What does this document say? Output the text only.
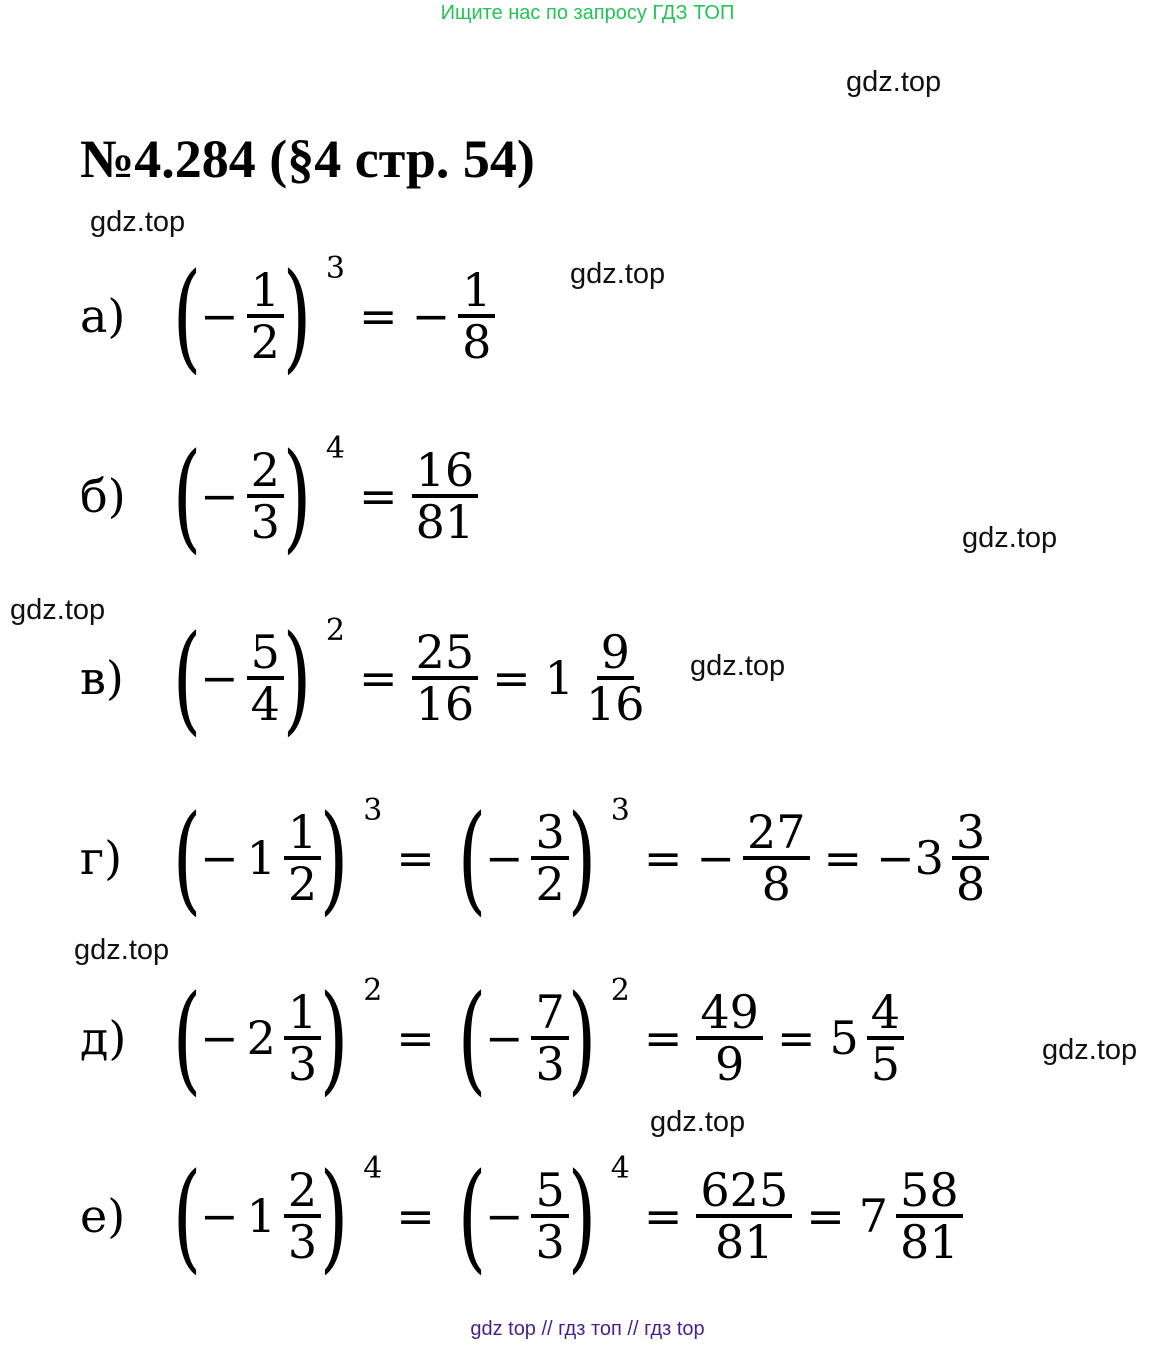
Ищите нас по запросу ГДЗ ТОП
gdz.top
gdz.top
gdz.top
gdz.top
gdz.top
gdz.top
gdz.top
gdz.top
gdz.top
№4.284 (§4 стр. 54)
а) (
− $\frac{1}{2}$
) 3
= − $\frac{1}{8}$
б) (
− $\frac{2}{3}$
) 4
= $\frac{16}{81}$
в) (
− $\frac{5}{4}$
) 2
= $\frac{25}{16} = 1 \frac{9}{16}$
г) (
− $1 \frac{1}{2}$
) 3
= (
− $\frac{3}{2}$
) 3
= − $\frac{27}{8} = -3 \frac{3}{8}$
д) (
− $2 \frac{1}{3}$
) 2
= (
− $\frac{7}{3}$
) 2
= $\frac{49}{9} = 5 \frac{4}{5}$
е) (
− $1 \frac{2}{3}$
) 4
= (
− $\frac{5}{3}$
) 4
= $\frac{625}{81} = 7 \frac{58}{81}$
gdz top // гдз топ // гдз top
